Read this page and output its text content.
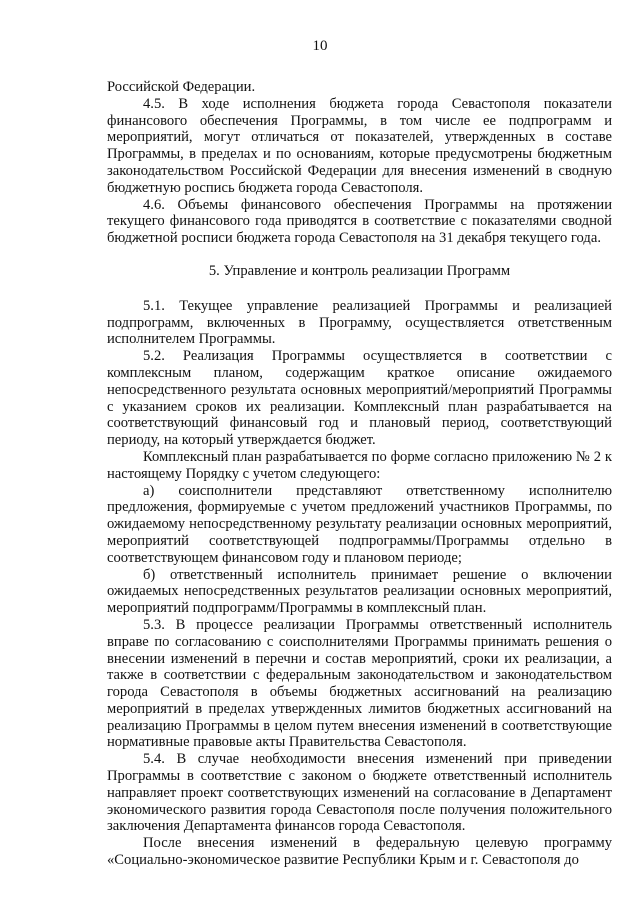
10

Российской Федерации.

4.5. В ходе исполнения бюджета города Севастополя показатели финансового обеспечения Программы, в том числе ее подпрограмм и мероприятий, могут отличаться от показателей, утвержденных в составе Программы, в пределах и по основаниям, которые предусмотрены бюджетным законодательством Российской Федерации для внесения изменений в сводную бюджетную роспись бюджета города Севастополя.

4.6. Объемы финансового обеспечения Программы на протяжении текущего финансового года приводятся в соответствие с показателями сводной бюджетной росписи бюджета города Севастополя на 31 декабря текущего года.

5. Управление и контроль реализации Программ

5.1. Текущее управление реализацией Программы и реализацией подпрограмм, включенных в Программу, осуществляется ответственным исполнителем Программы.

5.2. Реализация Программы осуществляется в соответствии с комплексным планом, содержащим краткое описание ожидаемого непосредственного результата основных мероприятий/мероприятий Программы с указанием сроков их реализации. Комплексный план разрабатывается на соответствующий финансовый год и плановый период, соответствующий периоду, на который утверждается бюджет.

Комплексный план разрабатывается по форме согласно приложению № 2 к настоящему Порядку с учетом следующего:

а) соисполнители представляют ответственному исполнителю предложения, формируемые с учетом предложений участников Программы, по ожидаемому непосредственному результату реализации основных мероприятий, мероприятий соответствующей подпрограммы/Программы отдельно в соответствующем финансовом году и плановом периоде;

б) ответственный исполнитель принимает решение о включении ожидаемых непосредственных результатов реализации основных мероприятий, мероприятий подпрограмм/Программы в комплексный план.

5.3. В процессе реализации Программы ответственный исполнитель вправе по согласованию с соисполнителями Программы принимать решения о внесении изменений в перечни и состав мероприятий, сроки их реализации, а также в соответствии с федеральным законодательством и законодательством города Севастополя в объемы бюджетных ассигнований на реализацию мероприятий в пределах утвержденных лимитов бюджетных ассигнований на реализацию Программы в целом путем внесения изменений в соответствующие нормативные правовые акты Правительства Севастополя.

5.4. В случае необходимости внесения изменений при приведении Программы в соответствие с законом о бюджете ответственный исполнитель направляет проект соответствующих изменений на согласование в Департамент экономического развития города Севастополя после получения положительного заключения Департамента финансов города Севастополя.

После внесения изменений в федеральную целевую программу «Социально-экономическое развитие Республики Крым и г. Севастополя до
